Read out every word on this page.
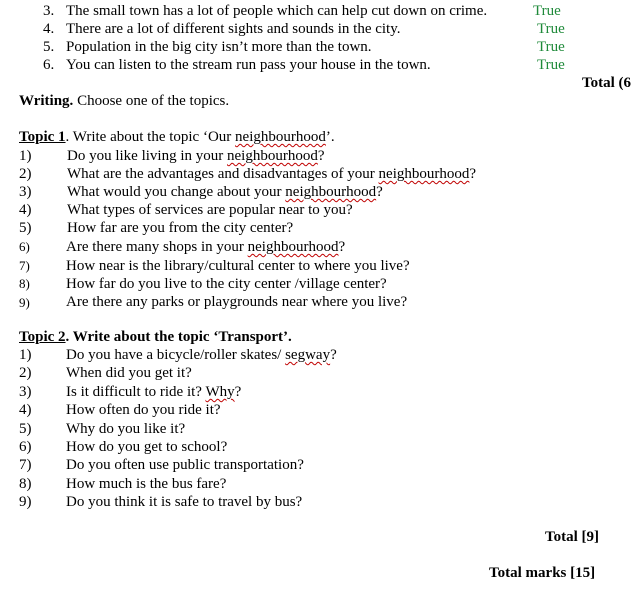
3. The small town has a lot of people which can help cut down on crime.	True
4. There are a lot of different sights and sounds in the city.	True
5. Population in the big city isn’t more than the town.	True
6. You can listen to the stream run pass your house in the town.	True
Total (6
Writing. Choose one of the topics.
Topic 1. Write about the topic ‘Our neighbourhood’.
1) Do you like living in your neighbourhood?
2) What are the advantages and disadvantages of your neighbourhood?
3) What would you change about your neighbourhood?
4) What types of services are popular near to you?
5) How far are you from the city center?
6) Are there many shops in your neighbourhood?
7) How near is the library/cultural center to where you live?
8) How far do you live to the city center /village center?
9) Are there any parks or playgrounds near where you live?
Topic 2. Write about the topic ‘Transport’.
1) Do you have a bicycle/roller skates/ segway?
2) When did you get it?
3) Is it difficult to ride it? Why?
4) How often do you ride it?
5) Why do you like it?
6) How do you get to school?
7) Do you often use public transportation?
8) How much is the bus fare?
9) Do you think it is safe to travel by bus?
Total [9]
Total marks [15]
